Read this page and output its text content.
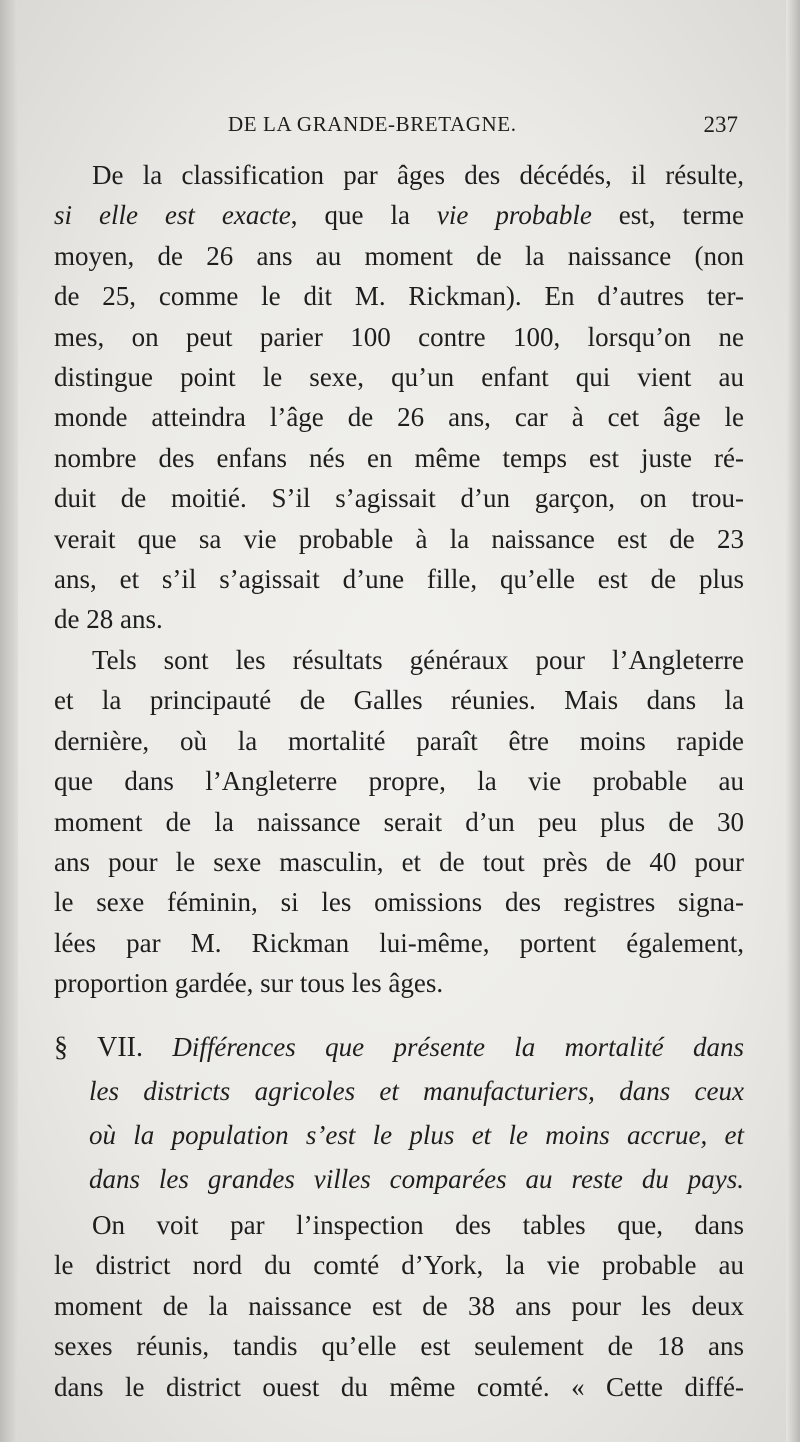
DE LA GRANDE-BRETAGNE.	237
De la classification par âges des décédés, il résulte,
si elle est exacte, que la vie probable est, terme
moyen, de 26 ans au moment de la naissance (non
de 25, comme le dit M. Rickman). En d’autres ter-
mes, on peut parier 100 contre 100, lorsqu’on ne
distingue point le sexe, qu’un enfant qui vient au
monde atteindra l’âge de 26 ans, car à cet âge le
nombre des enfans nés en même temps est juste ré-
duit de moitié. S’il s’agissait d’un garçon, on trou-
verait que sa vie probable à la naissance est de 23
ans, et s’il s’agissait d’une fille, qu’elle est de plus
de 28 ans.
Tels sont les résultats généraux pour l’Angleterre
et la principauté de Galles réunies. Mais dans la
dernière, où la mortalité paraît être moins rapide
que dans l’Angleterre propre, la vie probable au
moment de la naissance serait d’un peu plus de 30
ans pour le sexe masculin, et de tout près de 40 pour
le sexe féminin, si les omissions des registres signa-
lées par M. Rickman lui-même, portent également,
proportion gardée, sur tous les âges.
§ VII. Différences que présente la mortalité dans
les districts agricoles et manufacturiers, dans ceux
où la population s’est le plus et le moins accrue, et
dans les grandes villes comparées au reste du pays.
On voit par l’inspection des tables que, dans
le district nord du comté d’York, la vie probable au
moment de la naissance est de 38 ans pour les deux
sexes réunis, tandis qu’elle est seulement de 18 ans
dans le district ouest du même comté. « Cette diffé-
